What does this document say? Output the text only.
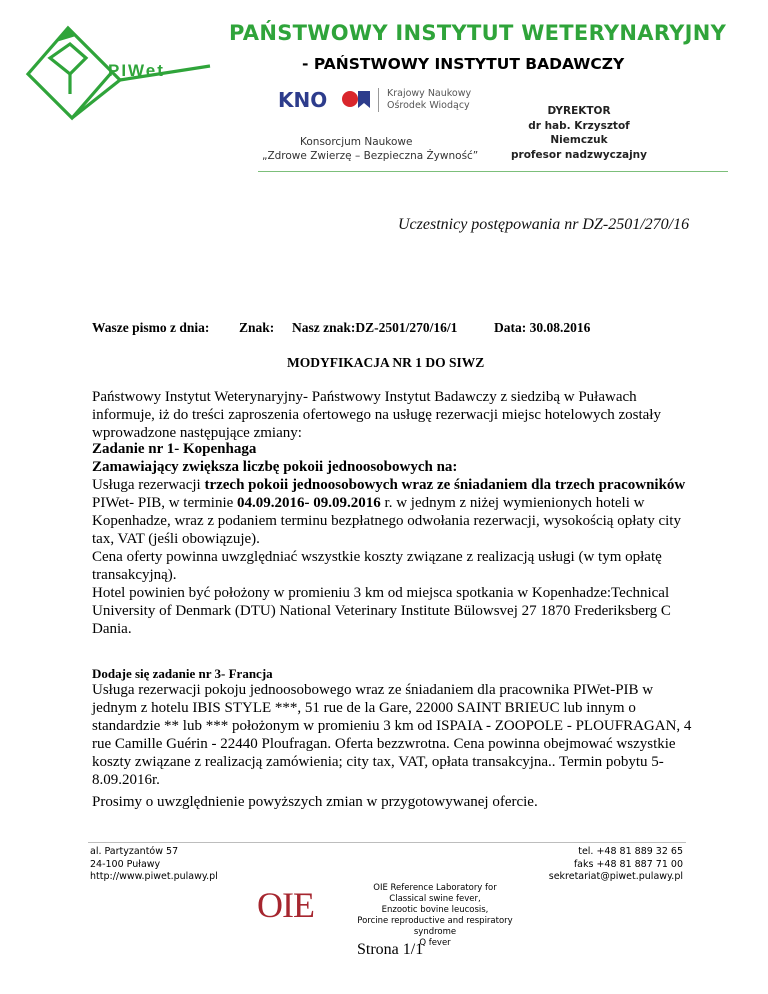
PIWet
PAŃSTWOWY INSTYTUT WETERYNARYJNY
- PAŃSTWOWY INSTYTUT BADAWCZY
KNO	Krajowy Naukowy
Ośrodek Wiodący
Konsorcjum Naukowe
„Zdrowe Zwierzę – Bezpieczna Żywność”
DYREKTOR
dr hab. Krzysztof Niemczuk
profesor nadzwyczajny
Uczestnicy postępowania nr DZ-2501/270/16
Wasze pismo z dnia: Znak: Nasz znak:DZ-2501/270/16/1	Data: 30.08.2016
MODYFIKACJA NR 1 DO SIWZ
Państwowy Instytut Weterynaryjny- Państwowy Instytut Badawczy z siedzibą w Puławach informuje, iż do treści zaproszenia ofertowego na usługę rezerwacji miejsc hotelowych zostały wprowadzone następujące zmiany:
Zadanie nr 1- Kopenhaga
Zamawiający zwiększa liczbę pokoii jednoosobowych na:
Usługa rezerwacji trzech pokoii jednoosobowych wraz ze śniadaniem dla trzech pracowników PIWet- PIB, w terminie 04.09.2016- 09.09.2016 r. w jednym z niżej wymienionych hoteli w Kopenhadze, wraz z podaniem terminu bezpłatnego odwołania rezerwacji, wysokością opłaty city tax, VAT (jeśli obowiązuje).
Cena oferty powinna uwzględniać wszystkie koszty związane z realizacją usługi (w tym opłatę
transakcyjną).
Hotel powinien być położony w promieniu 3 km od miejsca spotkania w Kopenhadze:Technical University of Denmark (DTU) National Veterinary Institute Bülowsvej 27 1870 Frederiksberg C Dania.
Dodaje się zadanie nr 3- Francja
Usługa rezerwacji pokoju jednoosobowego wraz ze śniadaniem dla pracownika PIWet-PIB w jednym z hotelu IBIS STYLE ***, 51 rue de la Gare, 22000 SAINT BRIEUC lub innym o standardzie ** lub *** położonym w promieniu 3 km od ISPAIA - ZOOPOLE - PLOUFRAGAN, 4 rue Camille Guérin - 22440 Ploufragan. Oferta bezzwrotna. Cena powinna obejmować wszystkie koszty związane z realizacją zamówienia; city tax, VAT, opłata transakcyjna.. Termin pobytu 5-8.09.2016r.
Prosimy o uwzględnienie powyższych zmian w przygotowywanej ofercie.
al. Partyzantów 57
24-100 Puławy
http://www.piwet.pulawy.pl
tel. +48 81 889 32 65
faks +48 81 887 71 00
sekretariat@piwet.pulawy.pl
OIE	OIE Reference Laboratory for
Classical swine fever,
Enzootic bovine leucosis,
Porcine reproductive and respiratory syndrome
Q fever
Strona 1/1
